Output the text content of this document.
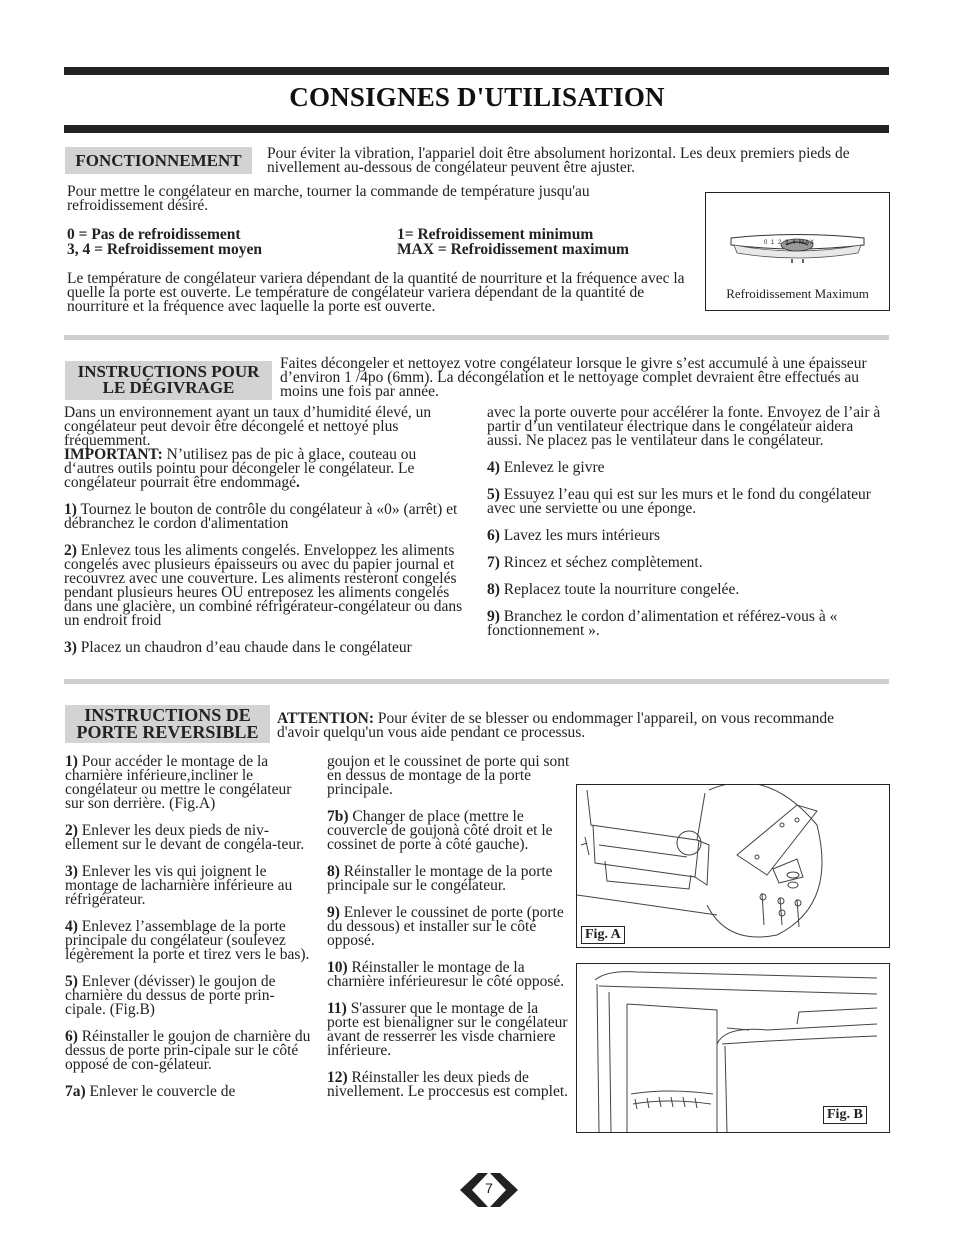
CONSIGNES D'UTILISATION
FONCTIONNEMENT	Pour éviter la vibration, l'appariel doit être absolument horizontal. Les deux premiers pieds de nivellement au-dessous de congélateur peuvent être ajuster.
Pour mettre le congélateur en marche, tourner la commande de température jusqu'au refroidissement désiré.
0 = Pas de refroidissement	1= Refroidissement minimum
3, 4 = Refroidissement moyen	MAX = Refroidissement maximum
Le température de congélateur variera dépendant de la quantité de nourriture et la fréquence avec la quelle la porte est ouverte. Le température de congélateur variera dépendant de la quantité de nourriture et la fréquence avec laquelle la porte est ouverte.
0 1 2 3 4 MAX
Refroidissement Maximum
INSTRUCTIONS POUR
LE DÉGIVRAGE
Faites décongeler et nettoyez votre congélateur lorsque le givre s’est accumulé à une épaisseur d’environ 1 /4po (6mm). La décongélation et le nettoyage complet devraient être effectués au moins une fois par année.

Dans un environnement ayant un taux d’humidité élevé, un congélateur peut devoir être décongelé et nettoyé plus fréquemment.

IMPORTANT: N’utilisez pas de pic à glace, couteau ou d‘autres outils pointu pour décongeler le congélateur. Le congélateur pourrait être endommagé.

1) Tournez le bouton de contrôle du congélateur à «0» (arrêt) et débranchez le cordon d'alimentation

2) Enlevez tous les aliments congelés. Enveloppez les aliments congelés avec plusieurs épaisseurs ou avec du papier journal et recouvrez avec une couverture. Les aliments resteront congelés pendant plusieurs heures OU entreposez les aliments congelés dans une glacière, un combiné réfrigérateur-congélateur ou dans un endroit froid

3) Placez un chaudron d’eau chaude dans le congélateur

avec la porte ouverte pour accélérer la fonte. Envoyez de l’air à partir d’un ventilateur électrique dans le congélateur aidera aussi. Ne placez pas le ventilateur dans le congélateur.

4) Enlevez le givre

5) Essuyez l’eau qui est sur les murs et le fond du congélateur avec une serviette ou une éponge.

6) Lavez les murs intérieurs

7) Rincez et séchez complètement.

8) Replacez toute la nourriture congelée.

9) Branchez le cordon d’alimentation et référez-vous à « fonctionnement ».

INSTRUCTIONS DE
PORTE REVERSIBLE
ATTENTION: Pour éviter de se blesser ou endommager l'appareil, on vous recommande d'avoir quelqu'un vous aide pendant ce processus.

1) Pour accéder le montage de la charnière inférieure,incliner le congélateur ou mettre le congélateur sur son derrière. (Fig.A)

2) Enlever les deux pieds de niv-ellement sur le devant de congéla-teur.

3) Enlever les vis qui joignent le montage de lacharnière inférieure au réfrigérateur.

4) Enlevez l’assemblage de la porte principale du congélateur (soulevez légèrement la porte et tirez vers le bas).

5) Enlever (dévisser) le goujon de charnière du dessus de porte prin-cipale. (Fig.B)

6) Réinstaller le goujon de charnière du dessus de porte prin-cipale sur le côté opposé de con-gélateur.

7a) Enlever le couvercle de

goujon et le coussinet de porte qui sont en dessus de montage de la porte principale.

7b) Changer de place (mettre le couvercle de goujonà côté droit et le cossinet de porte à côté gauche).

8) Réinstaller le montage de la porte principale sur le congélateur.

9) Enlever le coussinet de porte (porte du dessous) et installer sur le côté opposé.

10) Réinstaller le montage de la charnière inférieuresur le côté opposé.

11) S'assurer que le montage de la porte est bienaligner sur le congélateur avant de resserrer les visde charniere inférieure.

12) Réinstaller les deux pieds de nivellement. Le proccesus est complet.

Fig. A
Fig. B
7
